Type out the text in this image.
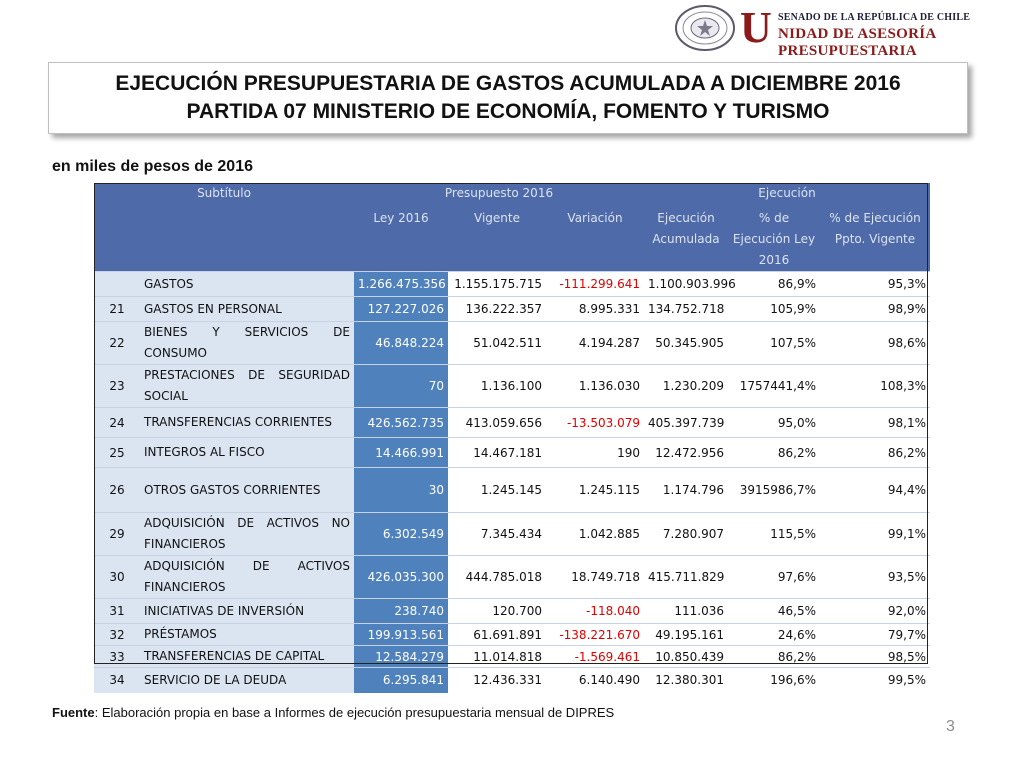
U SENADO DE LA REPÚBLICA DE CHILE
NIDAD DE ASESORÍA PRESUPUESTARIA
EJECUCIÓN PRESUPUESTARIA DE GASTOS ACUMULADA A DICIEMBRE 2016
PARTIDA 07 MINISTERIO DE ECONOMÍA, FOMENTO Y TURISMO
en miles de pesos de 2016
Subtítulo		Presupuesto 2016			Ejecución		
		Ley 2016	Vigente	Variación	Ejecución Acumulada	% de Ejecución Ley 2016	% de Ejecución Ppto. Vigente
	GASTOS	1.266.475.356	1.155.175.715	-111.299.641	1.100.903.996	86,9%	95,3%
21	GASTOS EN PERSONAL	127.227.026	136.222.357	8.995.331	134.752.718	105,9%	98,9%
22	BIENES Y SERVICIOS DE CONSUMO	46.848.224	51.042.511	4.194.287	50.345.905	107,5%	98,6%
23	PRESTACIONES DE SEGURIDAD SOCIAL	70	1.136.100	1.136.030	1.230.209	1757441,4%	108,3%
24	TRANSFERENCIAS CORRIENTES	426.562.735	413.059.656	-13.503.079	405.397.739	95,0%	98,1%
25	INTEGROS AL FISCO	14.466.991	14.467.181	190	12.472.956	86,2%	86,2%
26	OTROS GASTOS CORRIENTES	30	1.245.145	1.245.115	1.174.796	3915986,7%	94,4%
29	ADQUISICIÓN DE ACTIVOS NO FINANCIEROS	6.302.549	7.345.434	1.042.885	7.280.907	115,5%	99,1%
30	ADQUISICIÓN DE ACTIVOS FINANCIEROS	426.035.300	444.785.018	18.749.718	415.711.829	97,6%	93,5%
31	INICIATIVAS DE INVERSIÓN	238.740	120.700	-118.040	111.036	46,5%	92,0%
32	PRÉSTAMOS	199.913.561	61.691.891	-138.221.670	49.195.161	24,6%	79,7%
33	TRANSFERENCIAS DE CAPITAL	12.584.279	11.014.818	-1.569.461	10.850.439	86,2%	98,5%
34	SERVICIO DE LA DEUDA	6.295.841	12.436.331	6.140.490	12.380.301	196,6%	99,5%
Fuente: Elaboración propia en base a Informes de ejecución presupuestaria mensual de DIPRES
3
